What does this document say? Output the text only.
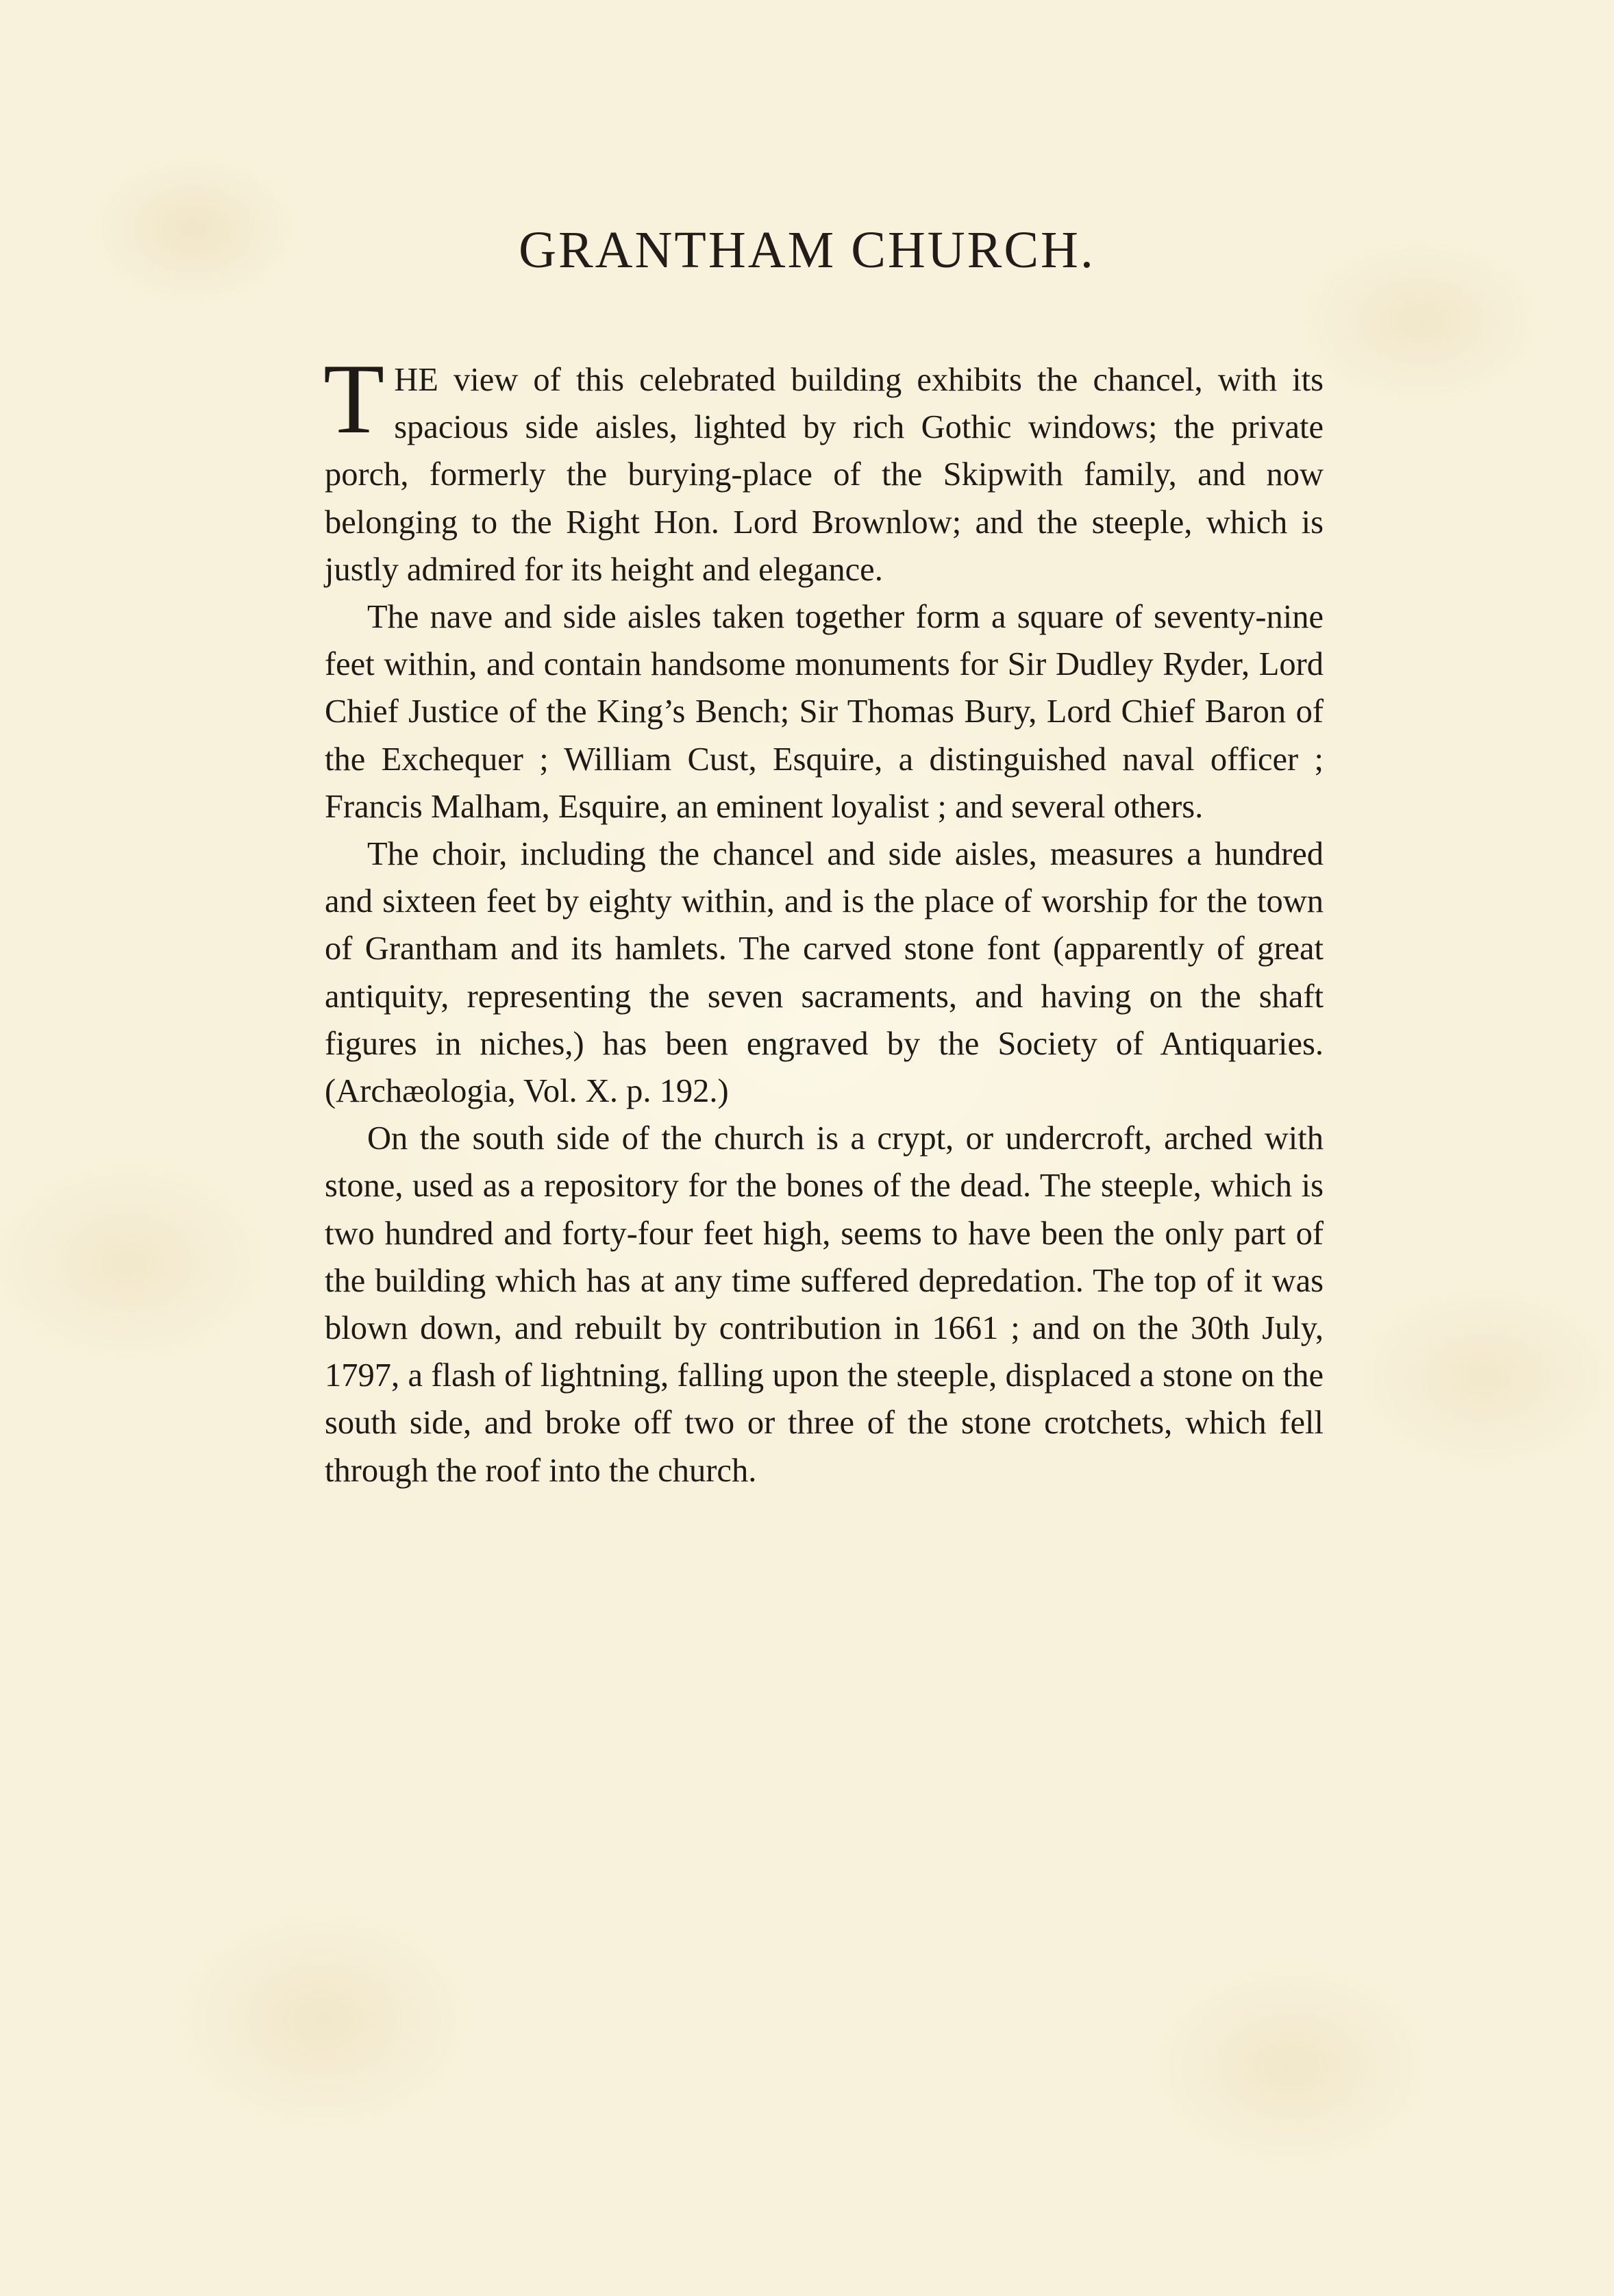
GRANTHAM CHURCH.

THE view of this celebrated building exhibits the chancel, with its spacious side aisles, lighted by rich Gothic windows; the private porch, formerly the burying-place of the Skipwith family, and now belonging to the Right Hon. Lord Brownlow; and the steeple, which is justly admired for its height and elegance.

The nave and side aisles taken together form a square of seventy-nine feet within, and contain handsome monuments for Sir Dudley Ryder, Lord Chief Justice of the King’s Bench; Sir Thomas Bury, Lord Chief Baron of the Exchequer ; William Cust, Esquire, a distinguished naval officer ; Francis Malham, Esquire, an eminent loyalist ; and several others.

The choir, including the chancel and side aisles, measures a hundred and sixteen feet by eighty within, and is the place of worship for the town of Grantham and its hamlets. The carved stone font (apparently of great antiquity, representing the seven sacraments, and having on the shaft figures in niches,) has been engraved by the Society of Antiquaries. (Archæologia, Vol. X. p. 192.)

On the south side of the church is a crypt, or undercroft, arched with stone, used as a repository for the bones of the dead. The steeple, which is two hundred and forty-four feet high, seems to have been the only part of the building which has at any time suffered depredation. The top of it was blown down, and rebuilt by contribution in 1661 ; and on the 30th July, 1797, a flash of lightning, falling upon the steeple, displaced a stone on the south side, and broke off two or three of the stone crotchets, which fell through the roof into the church.
